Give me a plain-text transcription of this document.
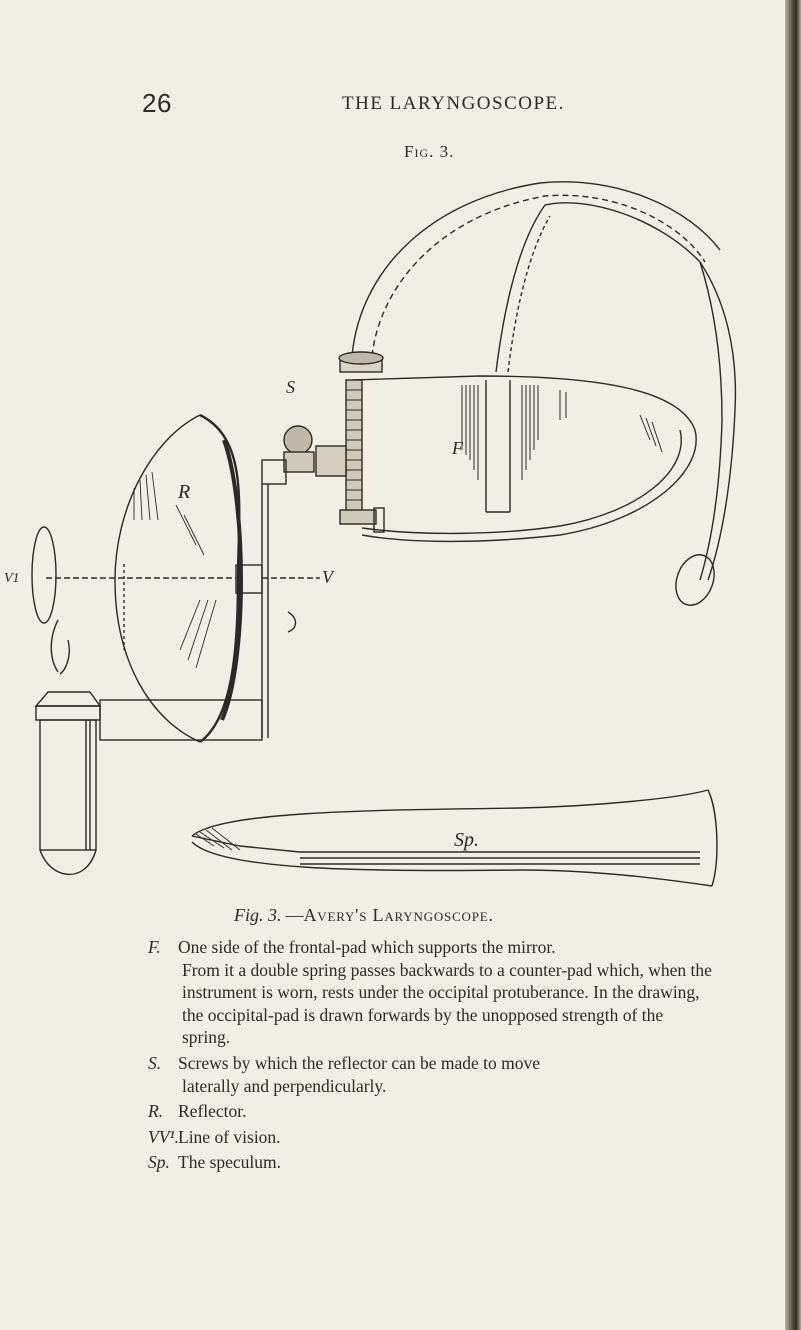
26	THE LARYNGOSCOPE.
Fig. 3.
S
R
F
V
V1
Sp.
Fig. 3. —Avery's Laryngoscope.
F. One side of the frontal-pad which supports the mirror.
From it a double spring passes backwards to a counter-pad which, when the instrument is worn, rests under the occipital protuberance. In the drawing, the occipital-pad is drawn forwards by the unopposed strength of the spring.
S. Screws by which the reflector can be made to move
laterally and perpendicularly.
R. Reflector.
VV¹.Line of vision.
Sp. The speculum.
